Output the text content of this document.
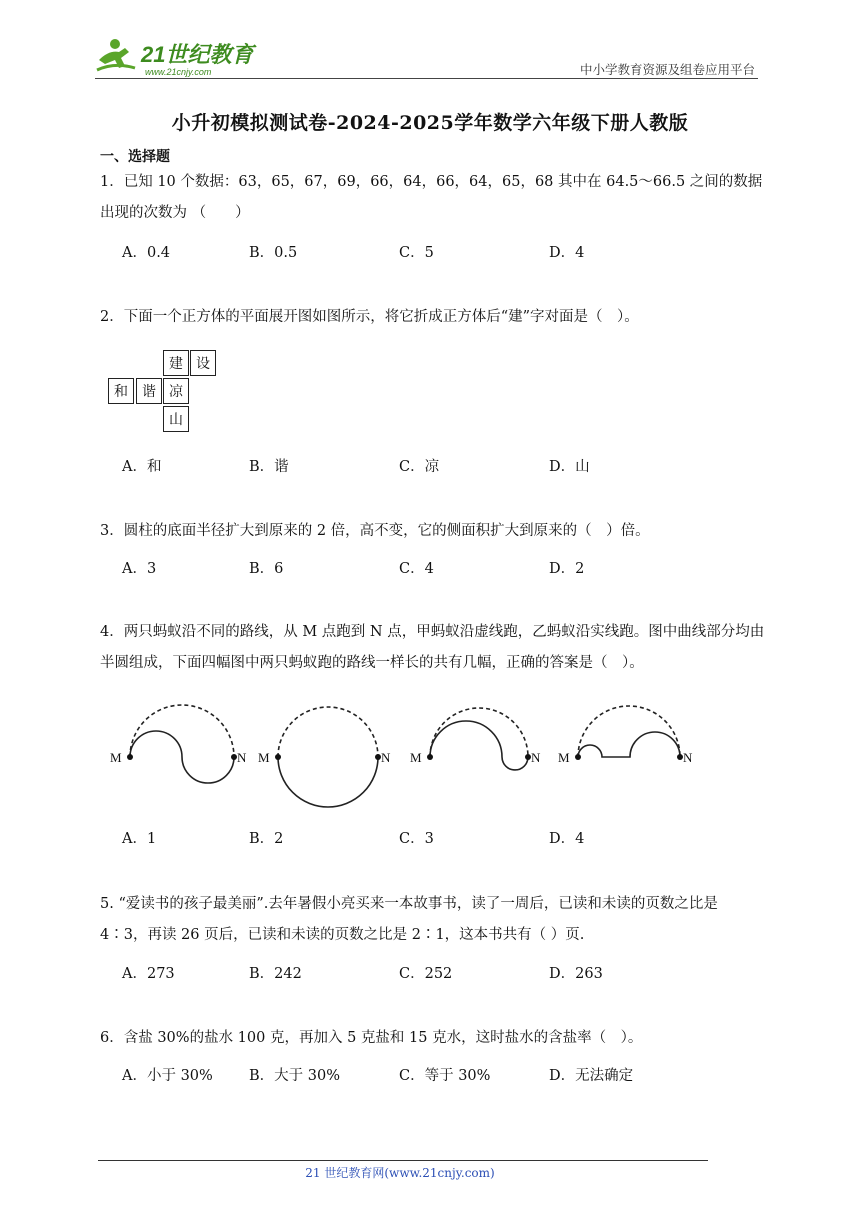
21世纪教育
www.21cnjy.com	中小学教育资源及组卷应用平台
小升初模拟测试卷-2024-2025学年数学六年级下册人教版
一、选择题
1．已知 10 个数据：63，65，67，69，66，64，66，64，65，68 其中在 64.5～66.5 之间的数据出现的次数为 （　　）
A．0.4	B．0.5	C．5	D．4
2．下面一个正方体的平面展开图如图所示，将它折成正方体后“建”字对面是（　）。
建 设
和	谐 凉
山
A．和	B．谐	C．凉	D．山
3．圆柱的底面半径扩大到原来的 2 倍，高不变，它的侧面积扩大到原来的（　）倍。
A．3	B．6	C．4	D．2
4．两只蚂蚁沿不同的路线，从 M 点跑到 N 点，甲蚂蚁沿虚线跑，乙蚂蚁沿实线跑。图中曲线部分均由半圆组成，下面四幅图中两只蚂蚁跑的路线一样长的共有几幅，正确的答案是（　）。
M	N M	N M	N M	N
A．1	B．2	C．3	D．4
5. “爱读书的孩子最美丽”.去年暑假小亮买来一本故事书，读了一周后，已读和未读的页数之比是 4∶3，再读 26 页后，已读和未读的页数之比是 2∶1，这本书共有（ ）页.
A．273	B．242	C．252	D．263
6．含盐 30%的盐水 100 克，再加入 5 克盐和 15 克水，这时盐水的含盐率（　）。
A．小于 30% B．大于 30%	C．等于 30%	D．无法确定
21 世纪教育网(www.21cnjy.com)
